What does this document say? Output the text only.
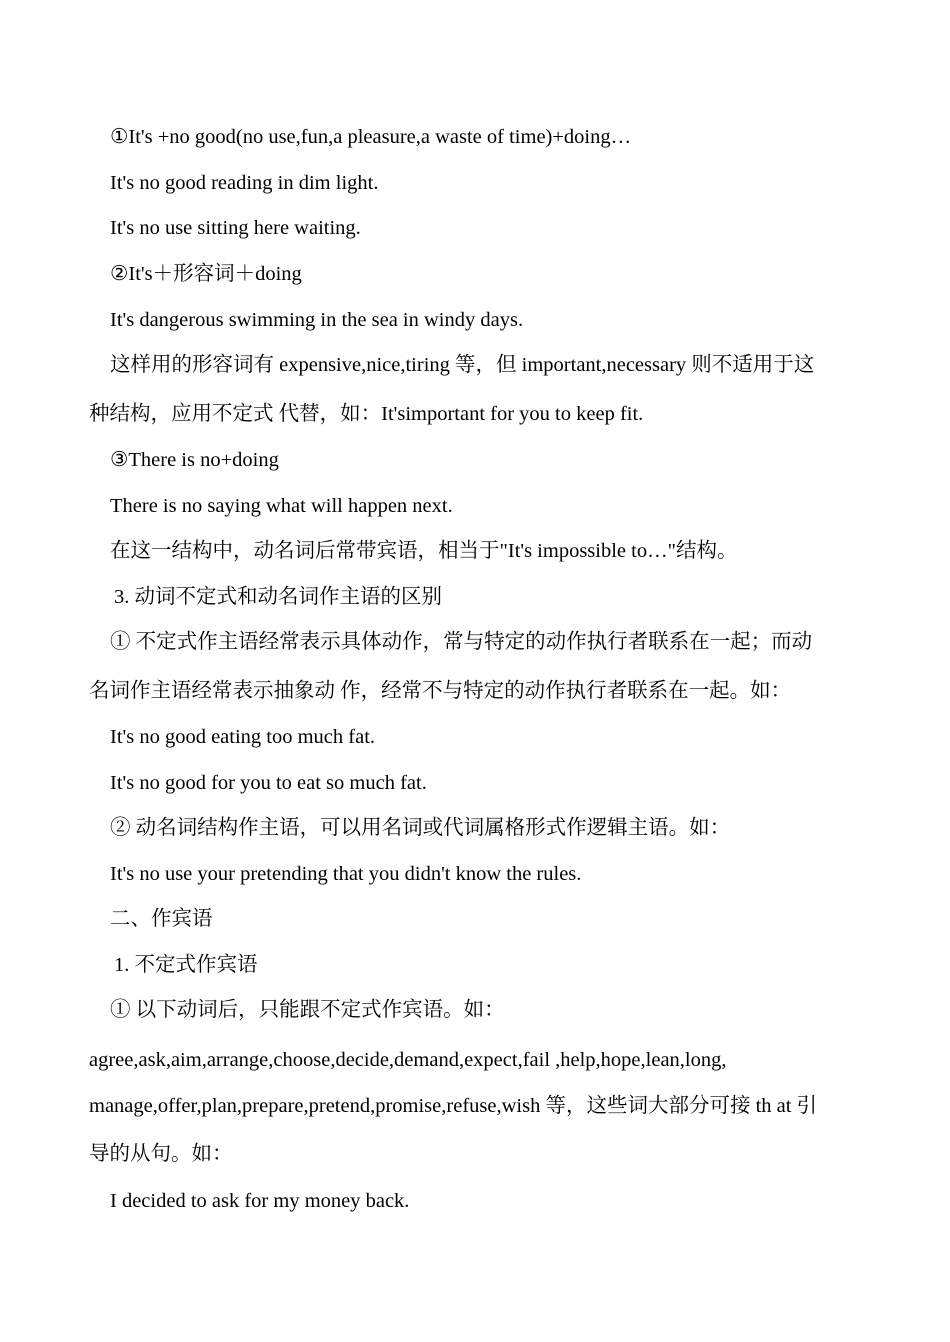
①It's +no good(no use,fun,a pleasure,a waste of time)+doing…

It's no good reading in dim light.

It's no use sitting here waiting.

②It's＋形容词＋doing

It's dangerous swimming in the sea in windy days.

这样用的形容词有 expensive,nice,tiring 等，但 important,necessary 则不适用于这

种结构，应用不定式 代替，如：It'simportant for you to keep fit.

③There is no+doing

There is no saying what will happen next.

在这一结构中，动名词后常带宾语，相当于"It's impossible to…"结构。

3. 动词不定式和动名词作主语的区别

① 不定式作主语经常表示具体动作，常与特定的动作执行者联系在一起；而动

名词作主语经常表示抽象动 作，经常不与特定的动作执行者联系在一起。如：

It's no good eating too much fat.

It's no good for you to eat so much fat.

② 动名词结构作主语，可以用名词或代词属格形式作逻辑主语。如：

It's no use your pretending that you didn't know the rules.

二、作宾语

1. 不定式作宾语

① 以下动词后，只能跟不定式作宾语。如：

agree,ask,aim,arrange,choose,decide,demand,expect,fail ,help,hope,lean,long,

manage,offer,plan,prepare,pretend,promise,refuse,wish 等，这些词大部分可接 th at 引

导的从句。如：

I decided to ask for my money back.
